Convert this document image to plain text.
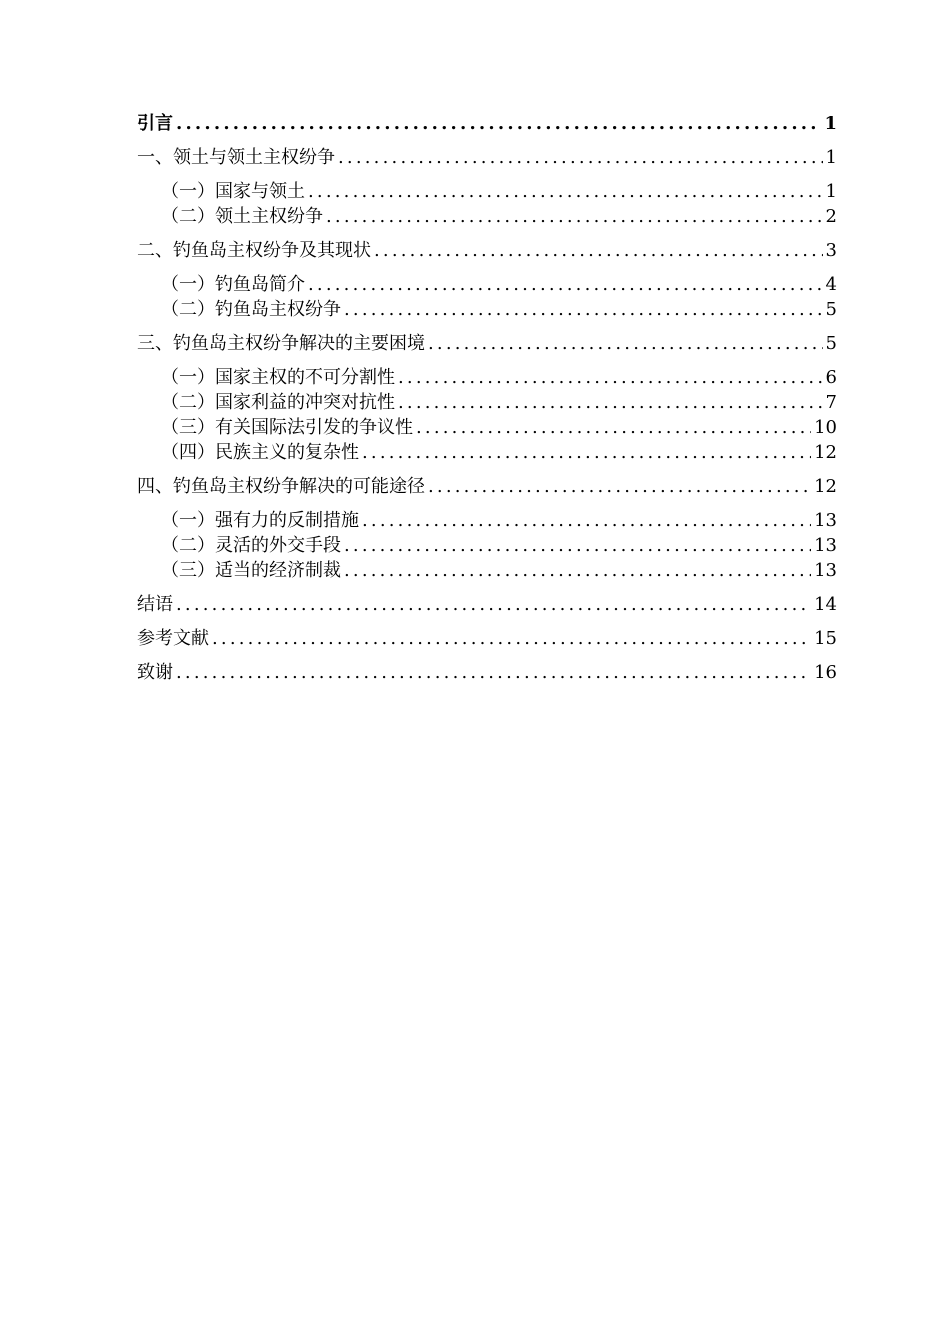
引言 .....	1
一、领土与领土主权纷争 .....	1
（一）国家与领土 .....	1
（二）领土主权纷争 .....	2
二、钓鱼岛主权纷争及其现状 .....	3
（一）钓鱼岛简介 .....	4
（二）钓鱼岛主权纷争 .....	5
三、钓鱼岛主权纷争解决的主要困境 .....	5
（一）国家主权的不可分割性 .....	6
（二）国家利益的冲突对抗性 .....	7
（三）有关国际法引发的争议性 .....	10
（四）民族主义的复杂性 .....	12
四、钓鱼岛主权纷争解决的可能途径 .....	12
（一）强有力的反制措施 .....	13
（二）灵活的外交手段 .....	13
（三）适当的经济制裁 .....	13
结语 .....	14
参考文献 .....	15
致谢 .....	16
